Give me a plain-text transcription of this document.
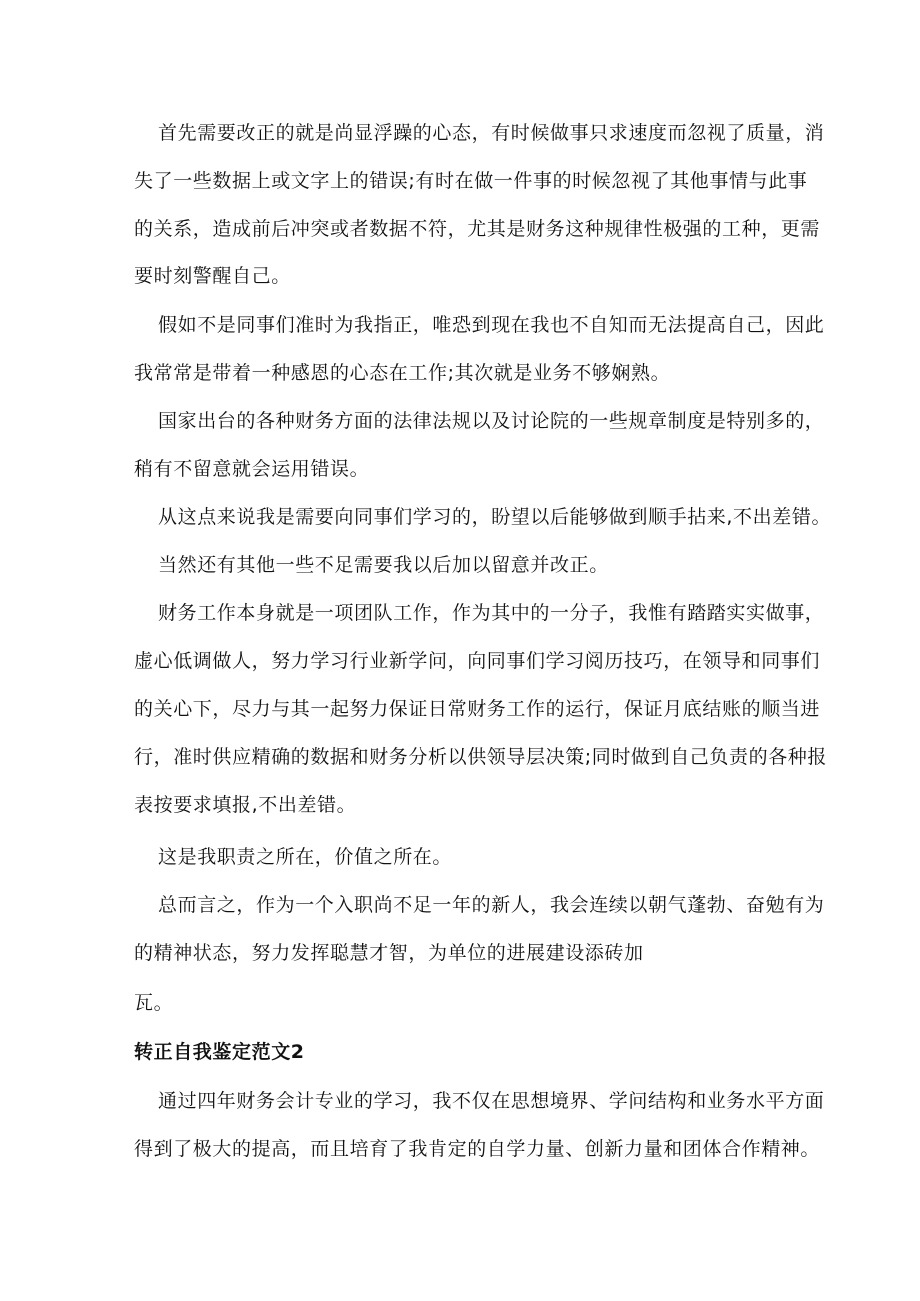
首先需要改正的就是尚显浮躁的心态，有时候做事只求速度而忽视了质量，消

失了一些数据上或文字上的错误;有时在做一件事的时候忽视了其他事情与此事

的关系，造成前后冲突或者数据不符，尤其是财务这种规律性极强的工种，更需

要时刻警醒自己。

假如不是同事们准时为我指正，唯恐到现在我也不自知而无法提高自己，因此

我常常是带着一种感恩的心态在工作;其次就是业务不够娴熟。

国家出台的各种财务方面的法律法规以及讨论院的一些规章制度是特别多的，

稍有不留意就会运用错误。

从这点来说我是需要向同事们学习的，盼望以后能够做到顺手拈来,不出差错。

当然还有其他一些不足需要我以后加以留意并改正。

财务工作本身就是一项团队工作，作为其中的一分子，我惟有踏踏实实做事，

虚心低调做人，努力学习行业新学问，向同事们学习阅历技巧，在领导和同事们

的关心下，尽力与其一起努力保证日常财务工作的运行，保证月底结账的顺当进

行，准时供应精确的数据和财务分析以供领导层决策;同时做到自己负责的各种报

表按要求填报,不出差错。

这是我职责之所在，价值之所在。

总而言之，作为一个入职尚不足一年的新人，我会连续以朝气蓬勃、奋勉有为

的精神状态，努力发挥聪慧才智，为单位的进展建设添砖加

瓦。

转正自我鉴定范文2

通过四年财务会计专业的学习，我不仅在思想境界、学问结构和业务水平方面

得到了极大的提高，而且培育了我肯定的自学力量、创新力量和团体合作精神。
